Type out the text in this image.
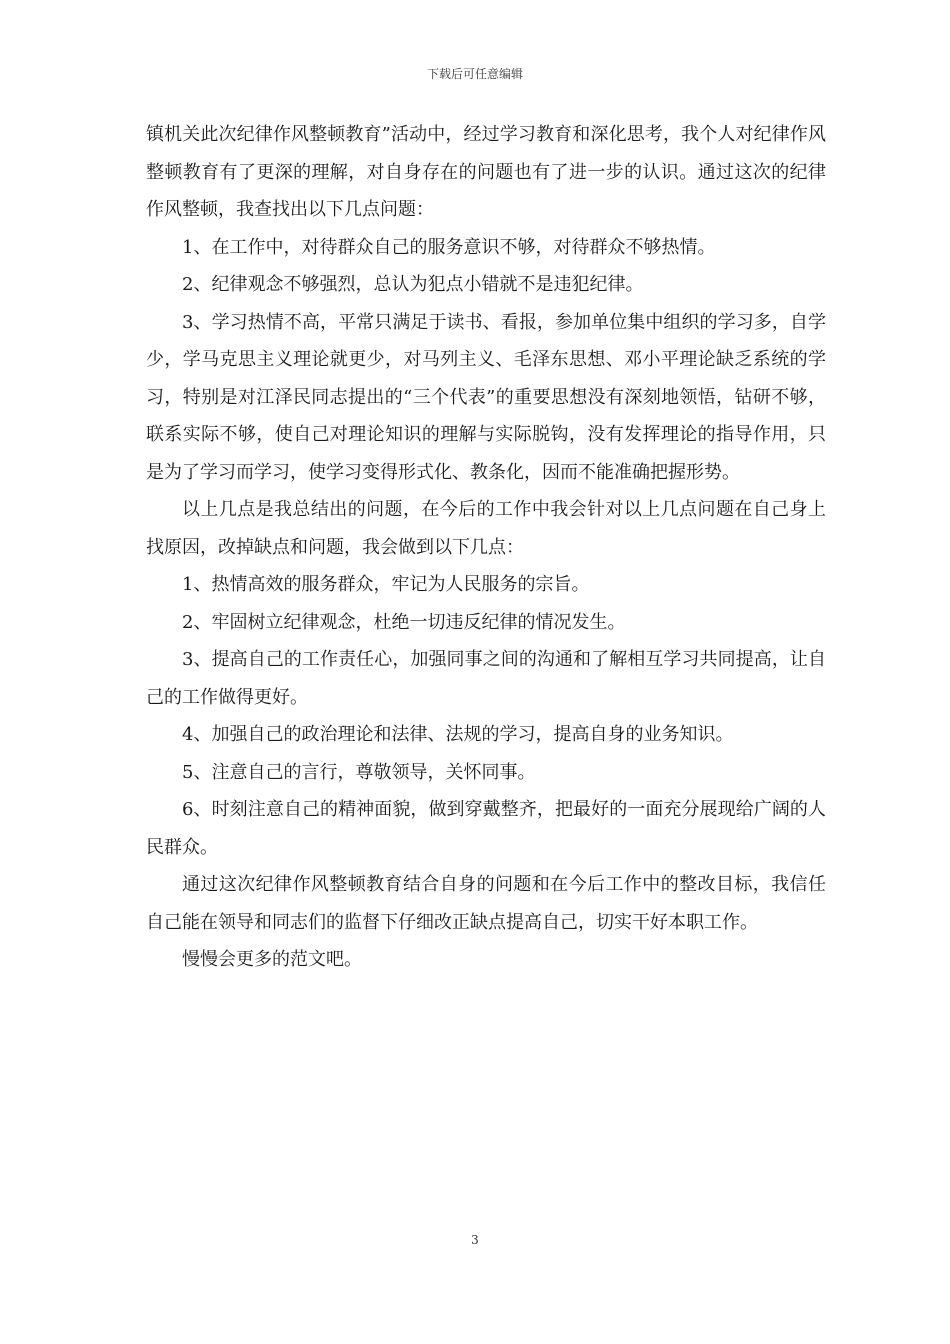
下载后可任意编辑

镇机关此次纪律作风整顿教育”活动中，经过学习教育和深化思考，我个人对纪律作风整顿教育有了更深的理解，对自身存在的问题也有了进一步的认识。通过这次的纪律作风整顿，我查找出以下几点问题：

1、在工作中，对待群众自己的服务意识不够，对待群众不够热情。

2、纪律观念不够强烈，总认为犯点小错就不是违犯纪律。

3、学习热情不高，平常只满足于读书、看报，参加单位集中组织的学习多，自学少，学马克思主义理论就更少，对马列主义、毛泽东思想、邓小平理论缺乏系统的学习，特别是对江泽民同志提出的“三个代表”的重要思想没有深刻地领悟，钻研不够，联系实际不够，使自己对理论知识的理解与实际脱钩，没有发挥理论的指导作用，只是为了学习而学习，使学习变得形式化、教条化，因而不能准确把握形势。

以上几点是我总结出的问题，在今后的工作中我会针对以上几点问题在自己身上找原因，改掉缺点和问题，我会做到以下几点：

1、热情高效的服务群众，牢记为人民服务的宗旨。

2、牢固树立纪律观念，杜绝一切违反纪律的情况发生。

3、提高自己的工作责任心，加强同事之间的沟通和了解相互学习共同提高，让自己的工作做得更好。

4、加强自己的政治理论和法律、法规的学习，提高自身的业务知识。

5、注意自己的言行，尊敬领导，关怀同事。

6、时刻注意自己的精神面貌，做到穿戴整齐，把最好的一面充分展现给广阔的人民群众。

通过这次纪律作风整顿教育结合自身的问题和在今后工作中的整改目标，我信任自己能在领导和同志们的监督下仔细改正缺点提高自己，切实干好本职工作。

慢慢会更多的范文吧。

3
